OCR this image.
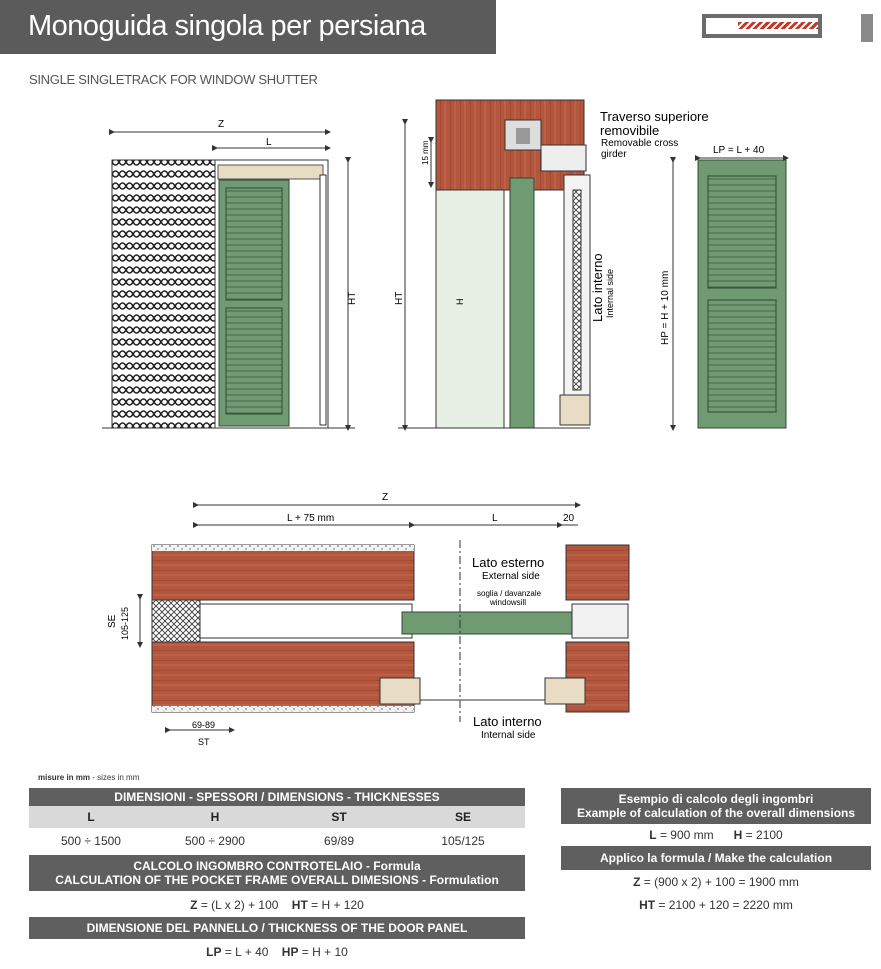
Monoguida singola per persiana
SINGLE SINGLETRACK FOR WINDOW SHUTTER
Z
L
HT
15 mm
HT	H
Traverso superiore
removibile
Removable cross
girder
Lato interno Internal side
LP = L + 40
HP = H + 10 mm
Z
L + 75 mm	L	20
SE 105-125
69-89
ST
Lato esterno
External side
soglia / davanzale
windowsill
Lato interno
Internal side
misure in mm - sizes in mm
DIMENSIONI - SPESSORI / DIMENSIONS - THICKNESSES
L	H	ST	SE
500 ÷ 1500	500 ÷ 2900	69/89	105/125
CALCOLO INGOMBRO CONTROTELAIO - Formula
CALCULATION OF THE POCKET FRAME OVERALL DIMESIONS - Formulation
Z = (L x 2) + 100 HT = H + 120
DIMENSIONE DEL PANNELLO / THICKNESS OF THE DOOR PANEL
LP = L + 40 HP = H + 10
Esempio di calcolo degli ingombri
Example of calculation of the overall dimensions
L = 900 mm H = 2100
Applico la formula / Make the calculation
Z = (900 x 2) + 100 = 1900 mm
HT = 2100 + 120 = 2220 mm
